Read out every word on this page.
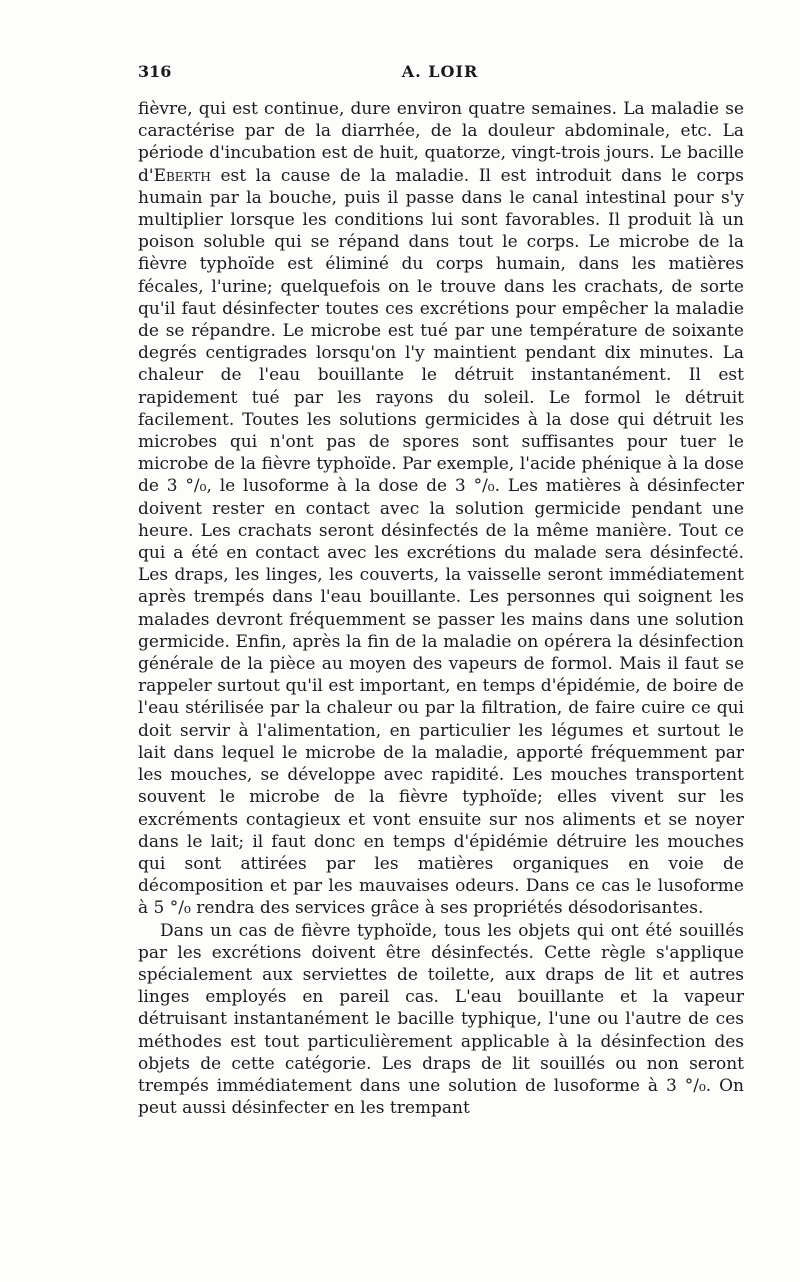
316	A. LOIR

fièvre, qui est continue, dure environ quatre semaines. La maladie se caractérise par de la diarrhée, de la douleur abdominale, etc. La période d'incubation est de huit, quatorze, vingt-trois jours. Le bacille d'Eberth est la cause de la maladie. Il est introduit dans le corps humain par la bouche, puis il passe dans le canal intestinal pour s'y multiplier lorsque les conditions lui sont favorables. Il produit là un poison soluble qui se répand dans tout le corps. Le microbe de la fièvre typhoïde est éliminé du corps humain, dans les matières fécales, l'urine; quelquefois on le trouve dans les crachats, de sorte qu'il faut désinfecter toutes ces excrétions pour empêcher la maladie de se répandre. Le microbe est tué par une température de soixante degrés centigrades lorsqu'on l'y maintient pendant dix minutes. La chaleur de l'eau bouillante le détruit instantanément. Il est rapidement tué par les rayons du soleil. Le formol le détruit facilement. Toutes les solutions germicides à la dose qui détruit les microbes qui n'ont pas de spores sont suffisantes pour tuer le microbe de la fièvre typhoïde. Par exemple, l'acide phénique à la dose de 3 °/₀, le lusoforme à la dose de 3 °/₀. Les matières à désinfecter doivent rester en contact avec la solution germicide pendant une heure. Les crachats seront désinfectés de la même manière. Tout ce qui a été en contact avec les excrétions du malade sera désinfecté. Les draps, les linges, les couverts, la vaisselle seront immédiatement après trempés dans l'eau bouillante. Les personnes qui soignent les malades devront fréquemment se passer les mains dans une solution germicide. Enfin, après la fin de la maladie on opérera la désinfection générale de la pièce au moyen des vapeurs de formol. Mais il faut se rappeler surtout qu'il est important, en temps d'épidémie, de boire de l'eau stérilisée par la chaleur ou par la filtration, de faire cuire ce qui doit servir à l'alimentation, en particulier les légumes et surtout le lait dans lequel le microbe de la maladie, apporté fréquemment par les mouches, se développe avec rapidité. Les mouches transportent souvent le microbe de la fièvre typhoïde; elles vivent sur les excréments contagieux et vont ensuite sur nos aliments et se noyer dans le lait; il faut donc en temps d'épidémie détruire les mouches qui sont attirées par les matières organiques en voie de décomposition et par les mauvaises odeurs. Dans ce cas le lusoforme à 5 °/₀ rendra des services grâce à ses propriétés désodorisantes.

Dans un cas de fièvre typhoïde, tous les objets qui ont été souillés par les excrétions doivent être désinfectés. Cette règle s'applique spécialement aux serviettes de toilette, aux draps de lit et autres linges employés en pareil cas. L'eau bouillante et la vapeur détruisant instantanément le bacille typhique, l'une ou l'autre de ces méthodes est tout particulièrement applicable à la désinfection des objets de cette catégorie. Les draps de lit souillés ou non seront trempés immédiatement dans une solution de lusoforme à 3 °/₀. On peut aussi désinfecter en les trempant
